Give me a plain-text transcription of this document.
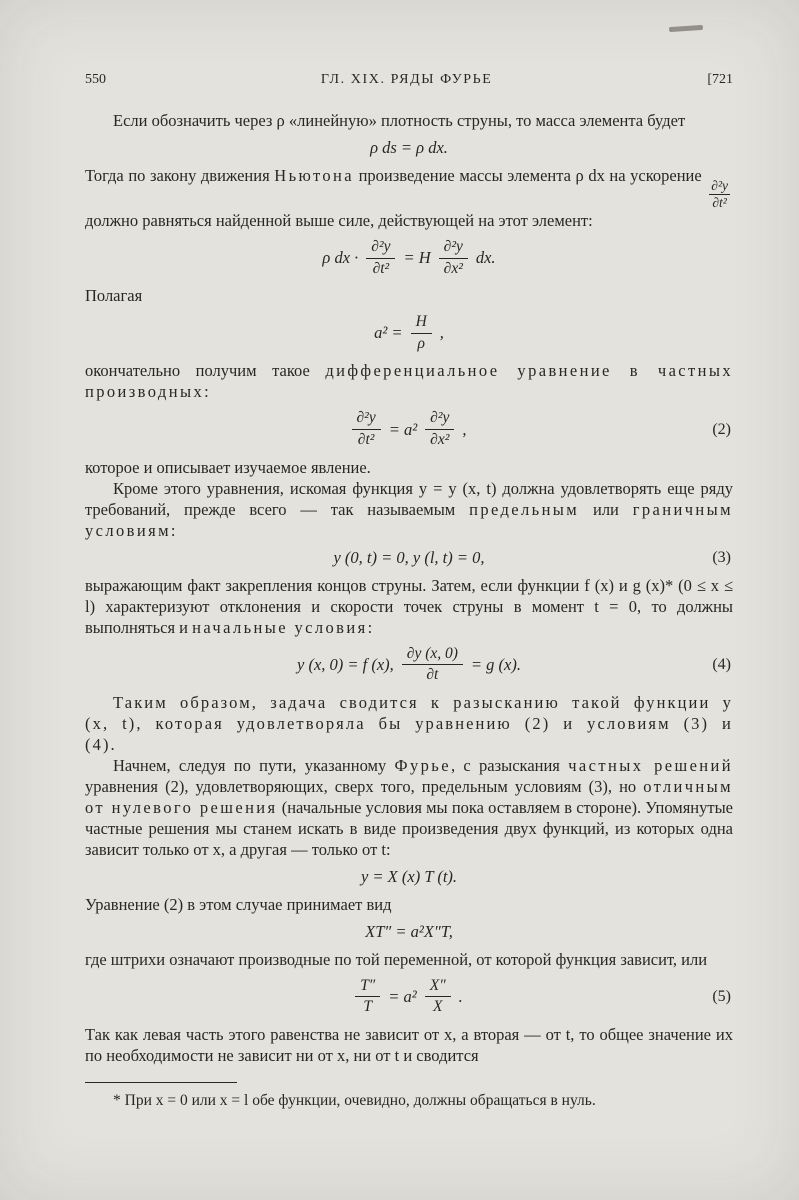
550	ГЛ. XIX. РЯДЫ ФУРЬЕ	[721

Если обозначить через ρ «линейную» плотность струны, то масса элемента будет

ρ ds = ρ dx.

Тогда по закону движения Ньютона произведение массы элемента ρ dx на ускорение
$\frac{\text{∂²y}}{\text{∂t²}}$
должно равняться найденной выше силе, действующей на этот элемент:

ρ dx · $\frac{\text{∂²y}}{\text{∂t²}} = H \frac{\text{∂²y}}{\text{∂x²}}$ dx.

Полагая

$a^2 = \frac{H}{\rho}$ ,

окончательно получим такое дифференциальное уравнение в частных производных:

$\frac{\text{∂²y}}{\text{∂t²}} = a^2 \frac{\text{∂²y}}{\text{∂x²}}$ ,	(2)

которое и описывает изучаемое явление.

Кроме этого уравнения, искомая функция y = y (x, t) должна удовлетворять еще ряду требований, прежде всего — так называемым предельным или граничным условиям:

y (0, t) = 0, y (l, t) = 0,	(3)

выражающим факт закрепления концов струны. Затем, если функции f (x) и g (x)* (0 ≤ x ≤ l) характеризуют отклонения и скорости точек струны в момент t = 0, то должны выполняться и начальные условия:

y (x, 0) = f (x), $\frac{\partial y (x, 0)}{\partial t} = g$ (x).	(4)

Таким образом, задача сводится к разысканию такой функции y (x, t), которая удовлетворяла бы уравнению (2) и условиям (3) и (4).

Начнем, следуя по пути, указанному Фурье, с разыскания частных решений уравнения (2), удовлетворяющих, сверх того, предельным условиям (3), но отличным от нулевого решения (начальные условия мы пока оставляем в стороне). Упомянутые частные решения мы станем искать в виде произведения двух функций, из которых одна зависит только от x, а другая — только от t:

y = X (x) T (t).

Уравнение (2) в этом случае принимает вид

XT″ = a²X″T,

где штрихи означают производные по той переменной, от которой функция зависит, или

$\frac{T''}{T} = a^2 \frac{X''}{X}$ .	(5)

Так как левая часть этого равенства не зависит от x, а вторая — от t, то общее значение их по необходимости не зависит ни от x, ни от t и сводится

* При x = 0 или x = l обе функции, очевидно, должны обращаться в нуль.
